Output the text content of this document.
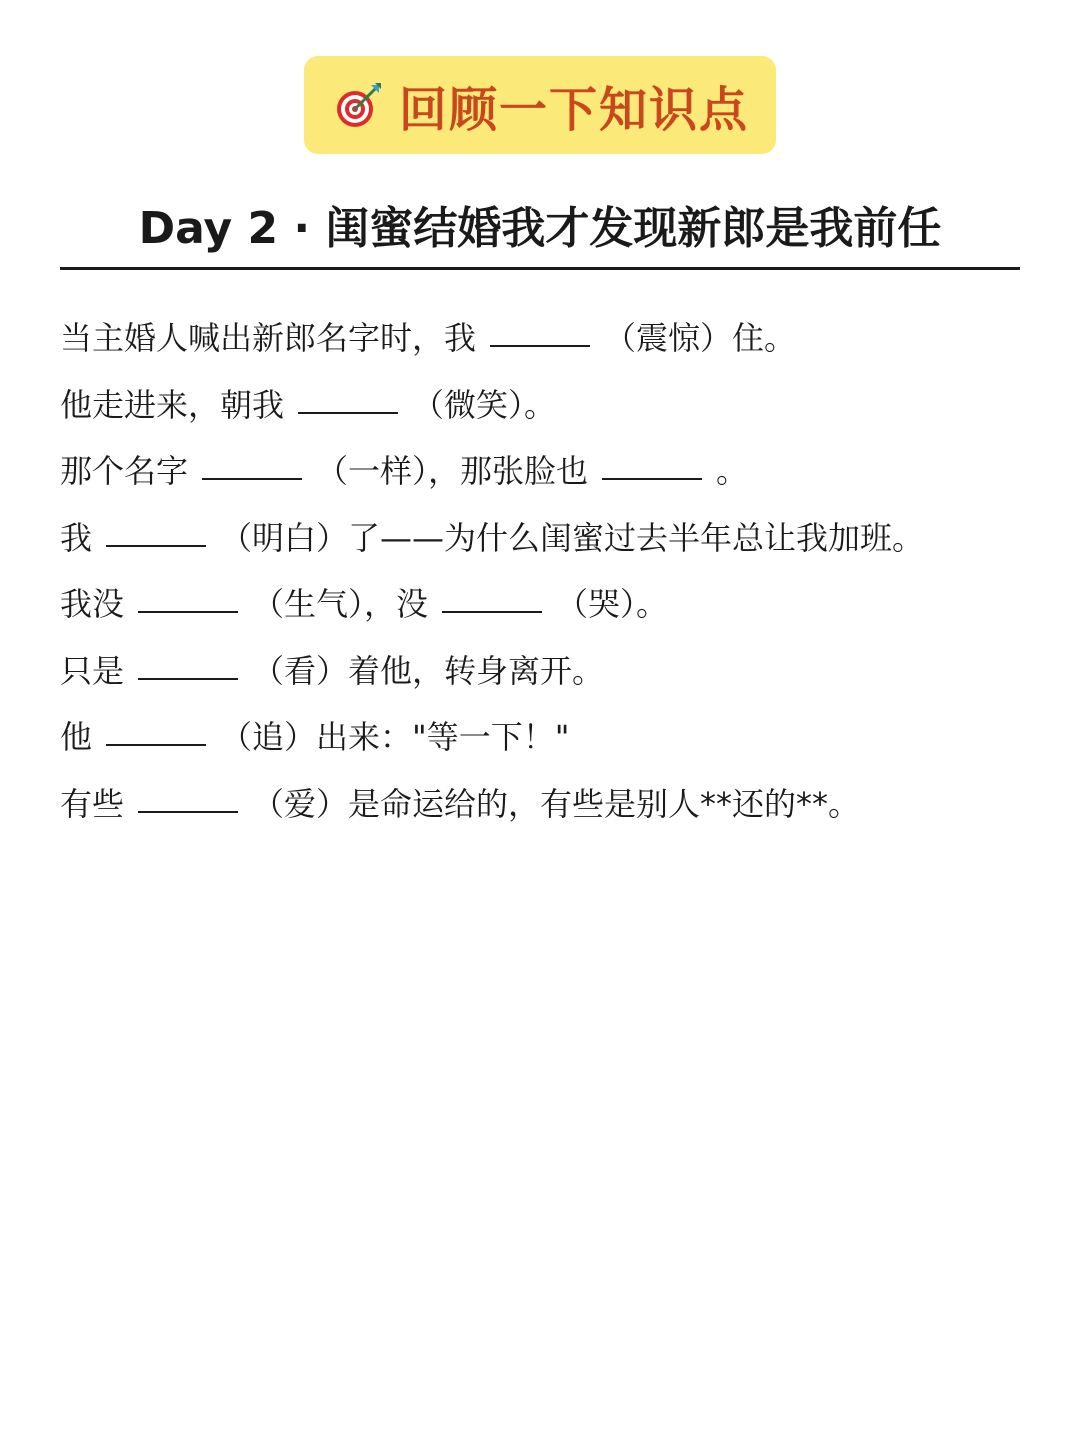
回顾一下知识点
Day 2 · 闺蜜结婚我才发现新郎是我前任
当主婚人喊出新郎名字时，我	（震惊）住。
他走进来，朝我	（微笑）。
那个名字	（一样），那张脸也	。
我	（明白）了——为什么闺蜜过去半年总让我加班。
我没	（生气），没	（哭）。
只是	（看）着他，转身离开。
他	（追）出来："等一下！"
有些	（爱）是命运给的，有些是别人**还的**。
